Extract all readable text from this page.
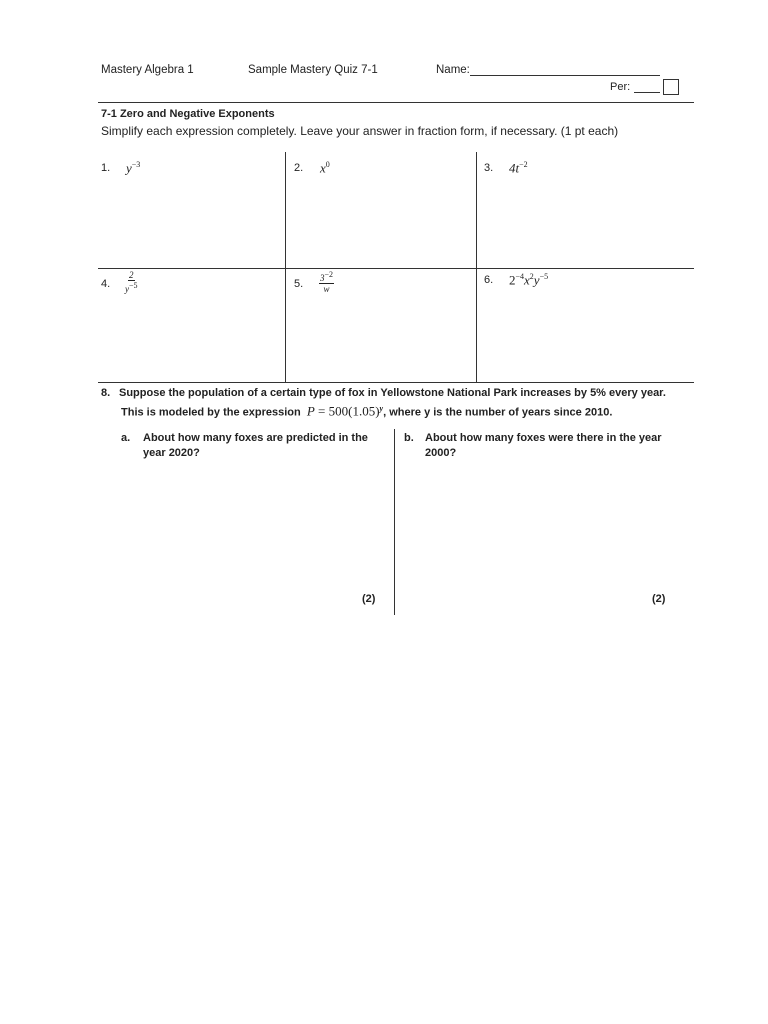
Mastery Algebra 1	Sample Mastery Quiz 7-1	Name:
Per:
7-1 Zero and Negative Exponents
Simplify each expression completely. Leave your answer in fraction form, if necessary. (1 pt each)
1. $y^{-3}$	2. $x^0$	3. $4t^{-2}$
4. $\frac{2}{y^{-5}}$	5. $\frac{3^{-2}}{w}$	6. $2^{-4}x^2y^{-5}$
8. Suppose the population of a certain type of fox in Yellowstone National Park increases by 5% every year.
This is modeled by the expression $P = 500(1.05)^y$, where y is the number of years since 2010.
a. About how many foxes are predicted in the year 2020?
(2)
b. About how many foxes were there in the year 2000?
(2)
